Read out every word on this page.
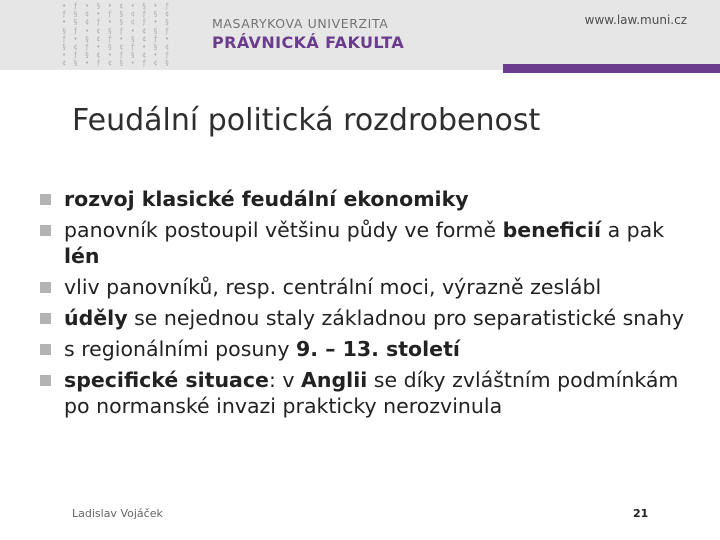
• ƒ • § • ¢ • § • ƒ
ƒ § ¢ • ƒ § ¢ ƒ § ¢
• § ¢ ƒ • § ¢ ƒ • §
§ ƒ • ¢ § ƒ • ¢ § ƒ
ƒ • § ¢ ƒ • § ¢ ƒ •
§ ¢ ƒ • § ¢ ƒ • § ¢
• ƒ § ¢ • ƒ § ¢ • ƒ
¢ § • ƒ ¢ § • ƒ ¢ §
MASARYKOVA UNIVERZITA
PRÁVNICKÁ FAKULTA
www.law.muni.cz
Feudální politická rozdrobenost
rozvoj klasické feudální ekonomiky
panovník postoupil většinu půdy ve formě beneficií a pak lén
vliv panovníků, resp. centrální moci, výrazně zeslábl
úděly se nejednou staly základnou pro separatistické snahy
s regionálními posuny 9. – 13. století
specifické situace: v Anglii se díky zvláštním podmínkám po normanské invazi prakticky nerozvinula
Ladislav Vojáček	21
